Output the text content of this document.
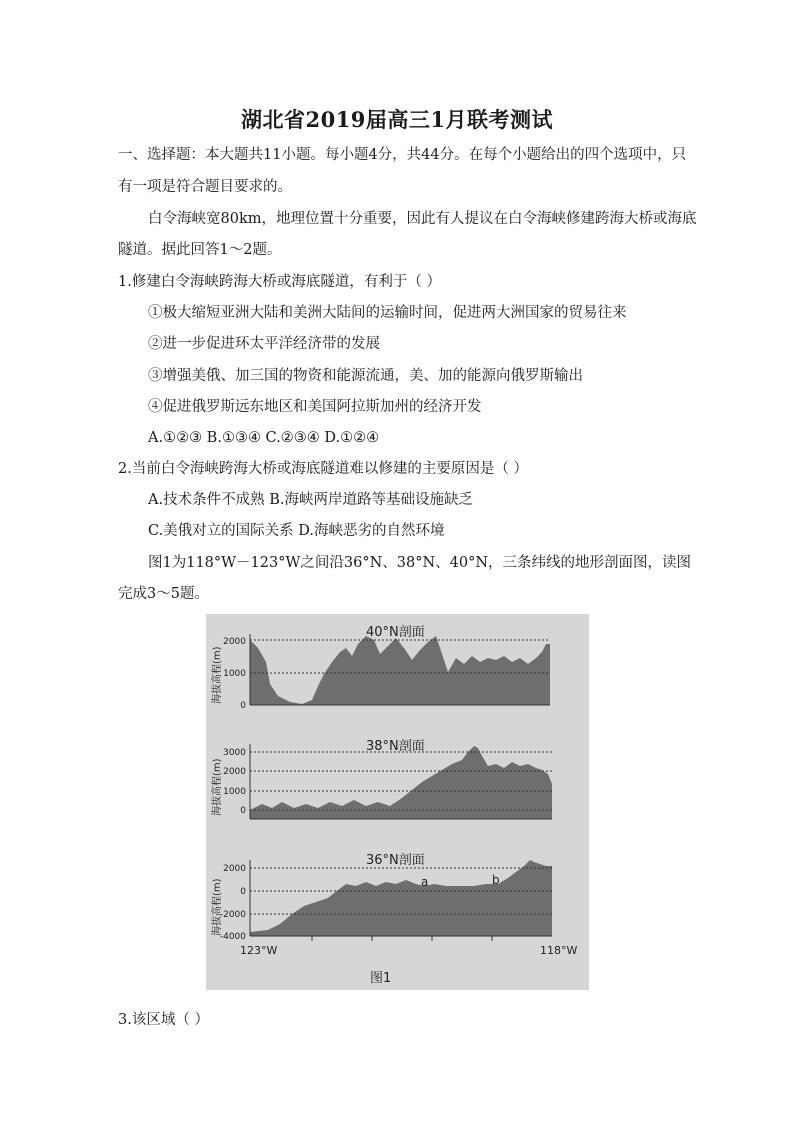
湖北省2019届高三1月联考测试
一、选择题：本大题共11小题。每小题4分，共44分。在每个小题给出的四个选项中，只
有一项是符合题目要求的。
白令海峡宽80km，地理位置十分重要，因此有人提议在白令海峡修建跨海大桥或海底
隧道。据此回答1～2题。
1.修建白令海峡跨海大桥或海底隧道，有利于（ ）
①极大缩短亚洲大陆和美洲大陆间的运输时间，促进两大洲国家的贸易往来
②进一步促进环太平洋经济带的发展
③增强美俄、加三国的物资和能源流通，美、加的能源向俄罗斯输出
④促进俄罗斯远东地区和美国阿拉斯加州的经济开发
A.①②③ B.①③④ C.②③④ D.①②④
2.当前白令海峡跨海大桥或海底隧道难以修建的主要原因是（ ）
A.技术条件不成熟 B.海峡两岸道路等基础设施缺乏
C.美俄对立的国际关系 D.海峡恶劣的自然环境
图1为118°W－123°W之间沿36°N、38°N、40°N，三条纬线的地形剖面图，读图
完成3～5题。
40°N剖面
2000
1000
0
海拔高程(m)
38°N剖面
3000
2000
1000
0
海拔高程(m)
36°N剖面
a	b
2000
0
-2000
-4000
海拔高程(m)
123°W	118°W
图1
3.该区域（ ）
